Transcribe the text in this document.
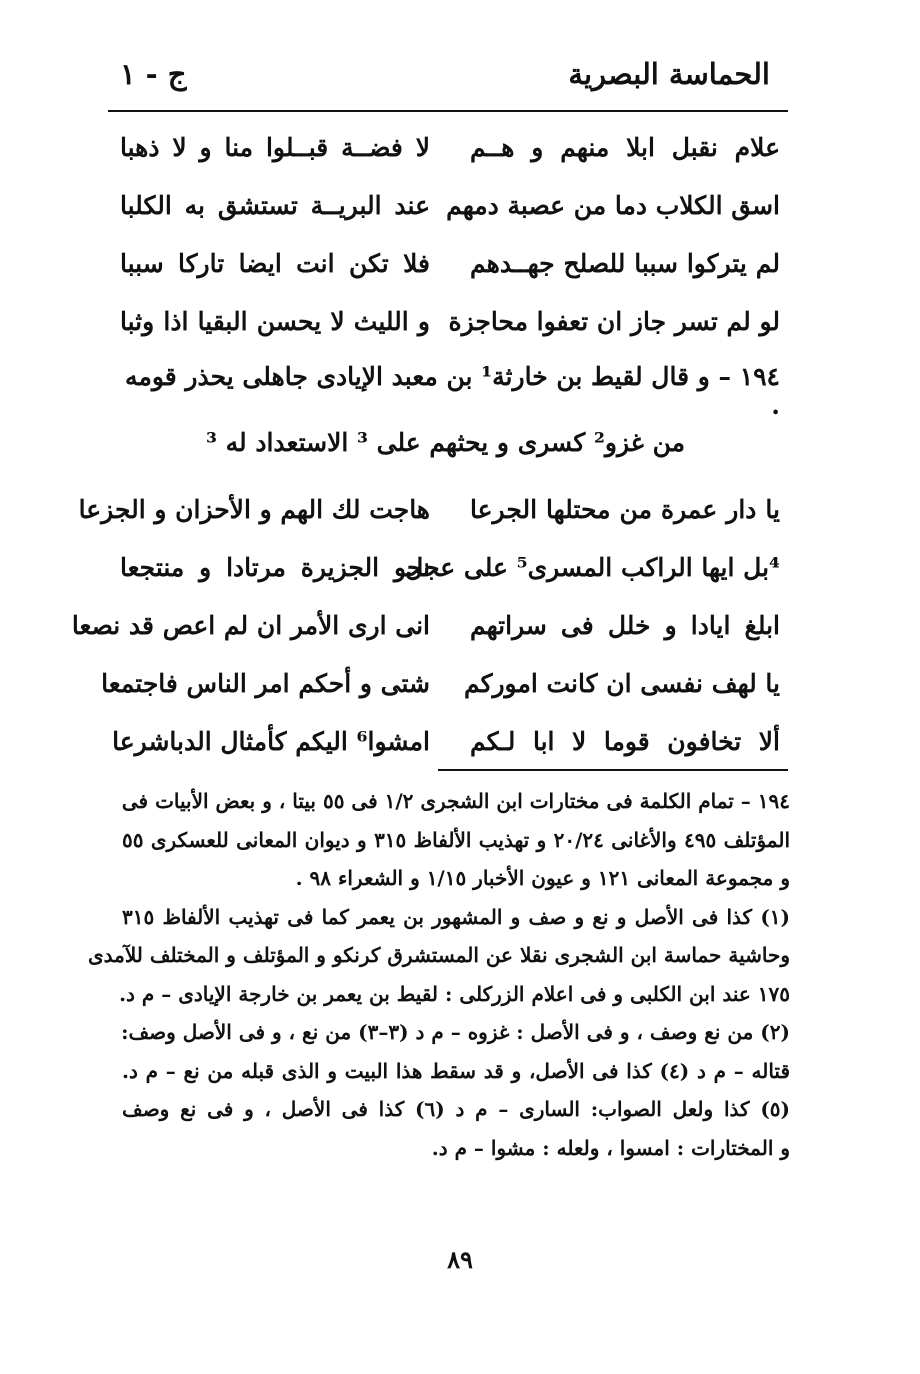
الحماسة البصرية
ج - ١
علام نقبل ابلا منهم و هــم
لا فضــة قبــلوا منا و لا ذهبا
اسق الكلاب دما من عصبة دمهم
عند البريــة تستشق به الكلبا
لم يتركوا سببا للصلح جهــدهم
فلا تكن انت ايضا تاركا سببا
لو لم تسر جاز ان تعفوا محاجزة
و الليث لا يحسن البقيا اذا وثبا
١٩٤ – و قال لقيط بن خارثة¹ بن معبد الإيادى جاهلى يحذر قومه .
من غزو² كسرى و يحثهم على ³ الاستعداد له ³
يا دار عمرة من محتلها الجرعا
هاجت لك الهم و الأحزان و الجزعا
⁴بل ايها الراكب المسرى⁵ على عجل
نحو الجزيرة مرتادا و منتجعا
ابلغ ايادا و خلل فى سراتهم
انى ارى الأمر ان لم اعص قد نصعا
يا لهف نفسى ان كانت اموركم
شتى و أحكم امر الناس فاجتمعا
ألا تخافون قوما لا ابا لـكم
امشوا⁶ اليكم كأمثال الدباشرعا
١٩٤ – تمام الكلمة فى مختارات ابن الشجرى ١/٢ فى ٥٥ بيتا ، و بعض الأبيات فى
المؤتلف ٤٩٥ والأغانى ٢٠/٢٤ و تهذيب الألفاظ ٣١٥ و ديوان المعانى للعسكرى ٥٥
و مجموعة المعانى ١٢١ و عيون الأخبار ١/١٥ و الشعراء ٩٨ .
(١) كذا فى الأصل و نع و صف و المشهور بن يعمر كما فى تهذيب الألفاظ ٣١٥
وحاشية حماسة ابن الشجرى نقلا عن المستشرق كرنكو و المؤتلف و المختلف للآمدى
١٧٥ عند ابن الكلبى و فى اعلام الزركلى : لقيط بن يعمر بن خارجة الإيادى – م د.
(٢) من نع وصف ، و فى الأصل : غزوه – م د (٣–٣) من نع ، و فى الأصل وصف:
قتاله – م د (٤) كذا فى الأصل، و قد سقط هذا البيت و الذى قبله من نع – م د.
(٥) كذا ولعل الصواب: السارى – م د (٦) كذا فى الأصل ، و فى نع وصف
و المختارات : امسوا ، ولعله : مشوا – م د.
٨٩
